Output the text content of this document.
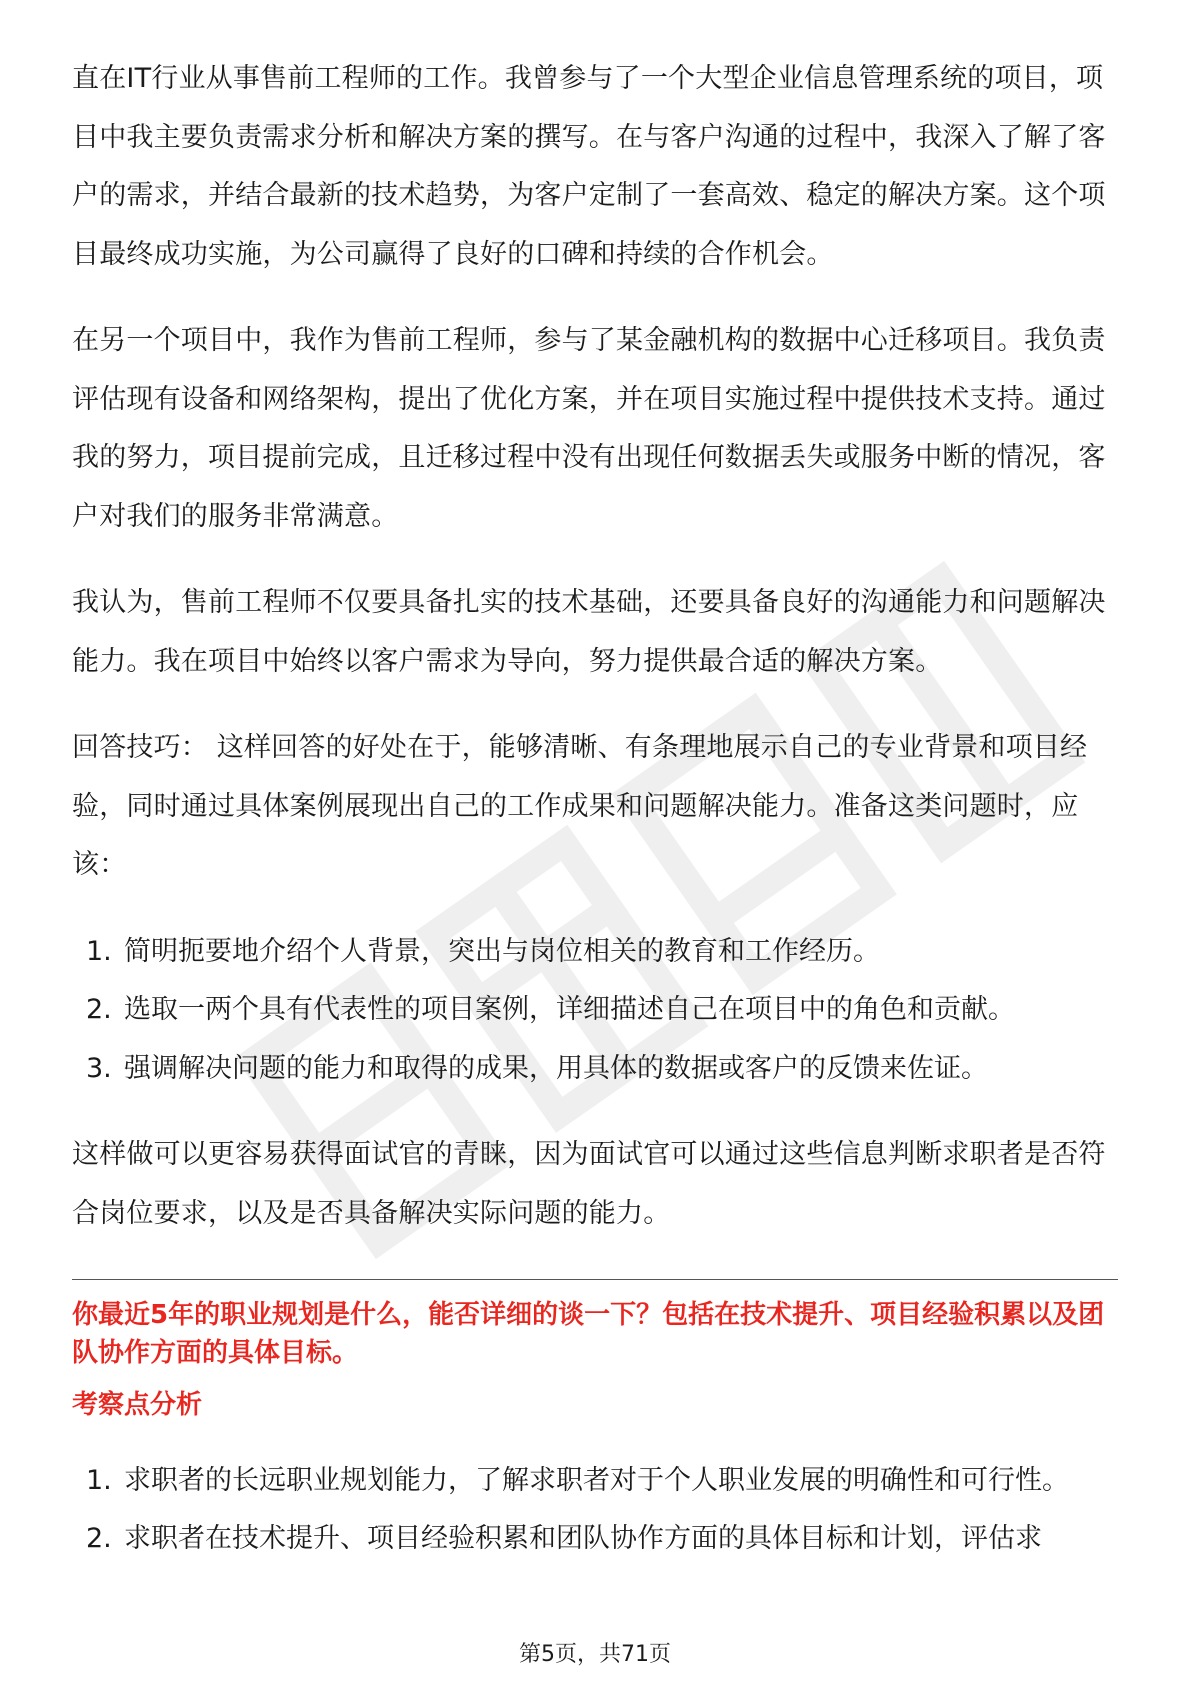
直在IT行业从事售前工程师的工作。我曾参与了一个大型企业信息管理系统的项目，项目中我主要负责需求分析和解决方案的撰写。在与客户沟通的过程中，我深入了解了客户的需求，并结合最新的技术趋势，为客户定制了一套高效、稳定的解决方案。这个项目最终成功实施，为公司赢得了良好的口碑和持续的合作机会。

在另一个项目中，我作为售前工程师，参与了某金融机构的数据中心迁移项目。我负责评估现有设备和网络架构，提出了优化方案，并在项目实施过程中提供技术支持。通过我的努力，项目提前完成，且迁移过程中没有出现任何数据丢失或服务中断的情况，客户对我们的服务非常满意。

我认为，售前工程师不仅要具备扎实的技术基础，还要具备良好的沟通能力和问题解决能力。我在项目中始终以客户需求为导向，努力提供最合适的解决方案。

回答技巧： 这样回答的好处在于，能够清晰、有条理地展示自己的专业背景和项目经验，同时通过具体案例展现出自己的工作成果和问题解决能力。准备这类问题时，应该：

1. 简明扼要地介绍个人背景，突出与岗位相关的教育和工作经历。
2. 选取一两个具有代表性的项目案例，详细描述自己在项目中的角色和贡献。
3. 强调解决问题的能力和取得的成果，用具体的数据或客户的反馈来佐证。

这样做可以更容易获得面试官的青睐，因为面试官可以通过这些信息判断求职者是否符合岗位要求，以及是否具备解决实际问题的能力。

你最近5年的职业规划是什么，能否详细的谈一下？包括在技术提升、项目经验积累以及团队协作方面的具体目标。
考察点分析
1. 求职者的长远职业规划能力，了解求职者对于个人职业发展的明确性和可行性。
2. 求职者在技术提升、项目经验积累和团队协作方面的具体目标和计划，评估求
第5页，共71页
